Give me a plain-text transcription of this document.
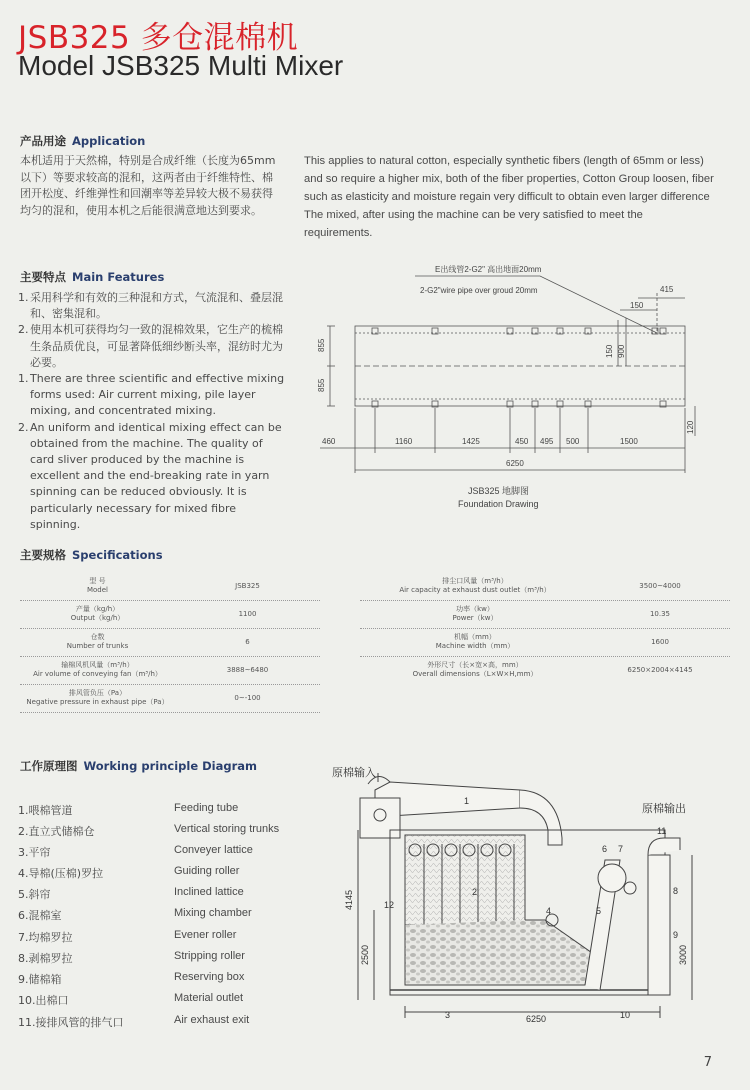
JSB325 多仓混棉机
Model JSB325 Multi Mixer
产品用途 Application
本机适用于天然棉，特别是合成纤维（长度为65mm以下）等要求较高的混和，这两者由于纤维特性、棉团开松度、纤维弹性和回潮率等差异较大极不易获得均匀的混和，使用本机之后能很满意地达到要求。
This applies to natural cotton, especially synthetic fibers (length of 65mm or less) and so require a higher mix, both of the fiber properties, Cotton Group loosen, fiber such as elasticity and moisture regain very difficult to obtain even larger difference The mixed, after using the machine can be very satisfied to meet the requirements.
主要特点 Main Features
1. 采用科学和有效的三种混和方式，气流混和、叠层混和、密集混和。
2. 使用本机可获得均匀一致的混棉效果，它生产的梳棉生条品质优良，可显著降低细纱断头率，混纺时尤为必要。
1. There are three scientific and effective mixing forms used: Air current mixing, pile layer mixing, and concentrated mixing.
2. An uniform and identical mixing effect can be obtained from the machine. The quality of card sliver produced by the machine is excellent and the end-breaking rate in yarn spinning can be reduced obviously. It is particularly necessary for mixed fibre spinning.
E出线管2-G2" 高出地面20mm
2-G2"wire pipe over groud 20mm	415
150
855
855
150 900
120
460	1160	1425	450 495 500	1500
6250
JSB325 地脚图
Foundation Drawing
主要规格 Specifications
型 号
Model	JSB325
产量（kg/h）
Output（kg/h）	1100
仓数
Number of trunks	6
输棉风机风量（m³/h）
Air volume of conveying fan（m³/h）	3888~6480
排风管负压（Pa）
Negative pressure in exhaust pipe（Pa）	0~-100
排尘口风量（m³/h）
Air capacity at exhaust dust outlet（m³/h）	3500~4000
功率（kw）
Power（kw）	10.35
机幅（mm）
Machine width（mm）	1600
外形尺寸（长×宽×高，mm）
Overall dimensions（L×W×H,mm）	6250×2004×4145
工作原理图 Working principle Diagram
1.喂棉管道	Feeding tube
2.直立式储棉仓	Vertical storing trunks
3.平帘	Conveyer lattice
4.导棉(压棉)罗拉	Guiding roller
5.斜帘	Inclined lattice
6.混棉室	Mixing chamber
7.均棉罗拉	Evener roller
8.剥棉罗拉	Stripping roller
9.储棉箱	Reserving box
10.出棉口	Material outlet
11.接排风管的排气口	Air exhaust exit
原棉输入
原棉输出
4145
2500	3000
6250
1
2
3
4	5
6 7
8
9
10
11
12
7
